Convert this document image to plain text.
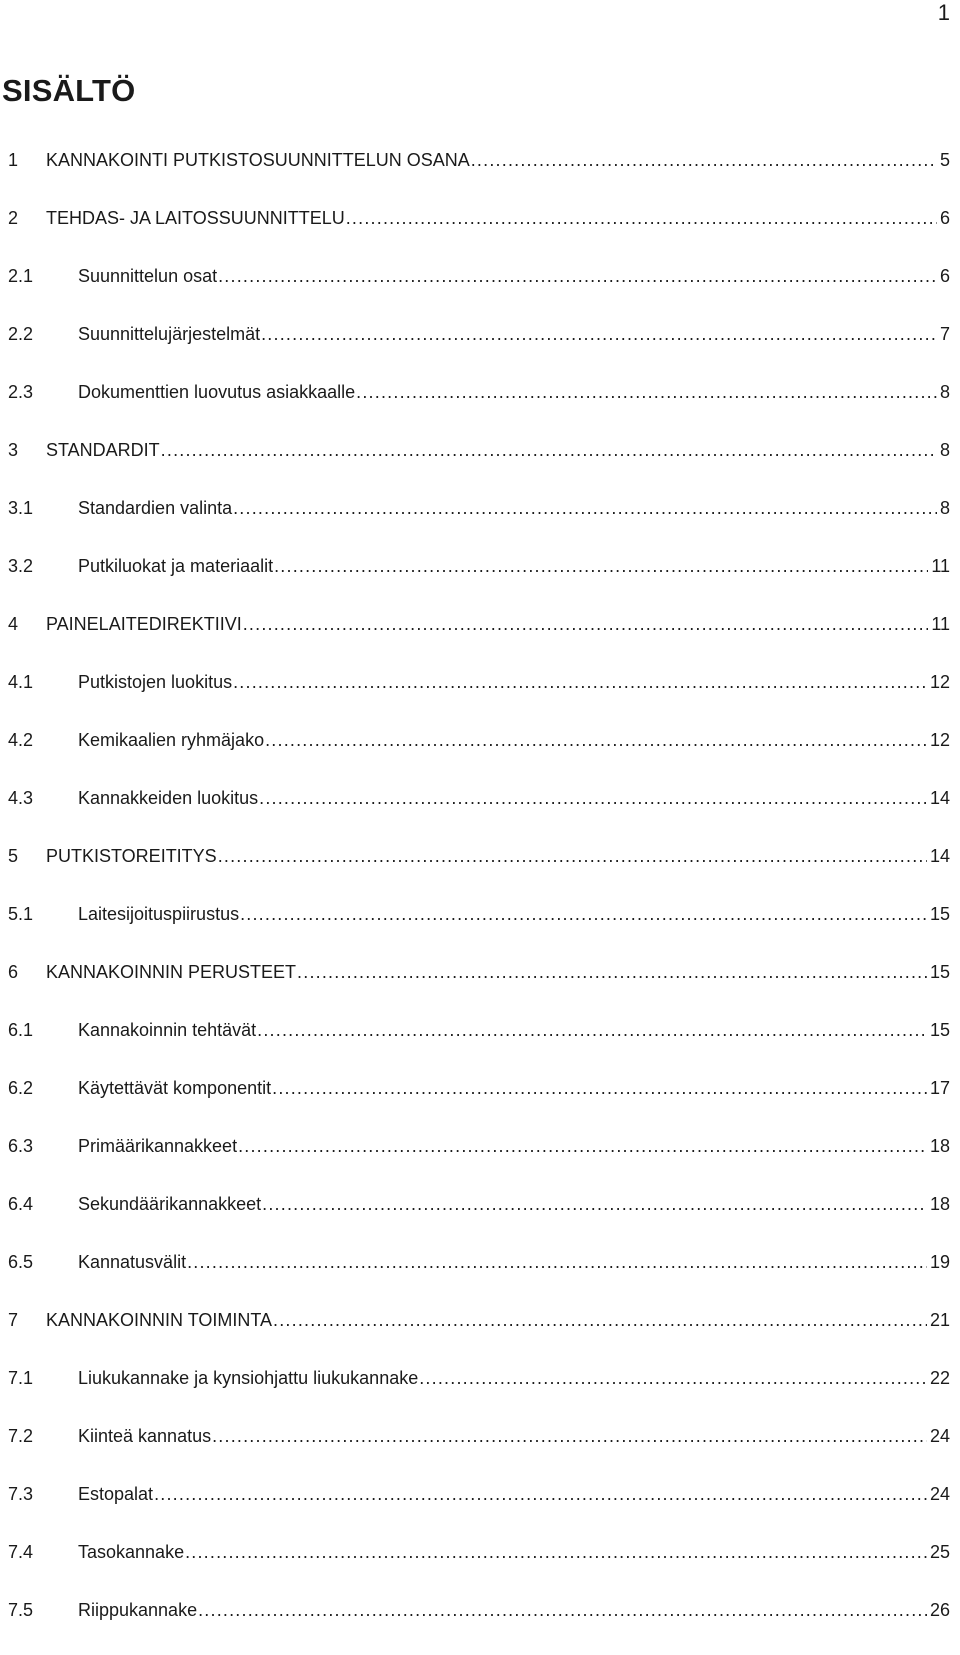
1
SISÄLTÖ
1 KANNAKOINTI PUTKISTOSUUNNITTELUN OSANA .....	5
2 TEHDAS- JA LAITOSSUUNNITTELU .....	6
2.1 Suunnittelun osat .....	6
2.2 Suunnittelujärjestelmät .....	7
2.3 Dokumenttien luovutus asiakkaalle .....	8
3 STANDARDIT .....	8
3.1 Standardien valinta .....	8
3.2 Putkiluokat ja materiaalit .....	11
4 PAINELAITEDIREKTIIVI .....	11
4.1 Putkistojen luokitus .....	12
4.2 Kemikaalien ryhmäjako .....	12
4.3 Kannakkeiden luokitus .....	14
5 PUTKISTOREITITYS .....	14
5.1 Laitesijoituspiirustus .....	15
6 KANNAKOINNIN PERUSTEET .....	15
6.1 Kannakoinnin tehtävät .....	15
6.2 Käytettävät komponentit .....	17
6.3 Primäärikannakkeet .....	18
6.4 Sekundäärikannakkeet .....	18
6.5 Kannatusvälit .....	19
7 KANNAKOINNIN TOIMINTA .....	21
7.1 Liukukannake ja kynsiohjattu liukukannake .....	22
7.2 Kiinteä kannatus .....	24
7.3 Estopalat .....	24
7.4 Tasokannake .....	25
7.5 Riippukannake .....	26
